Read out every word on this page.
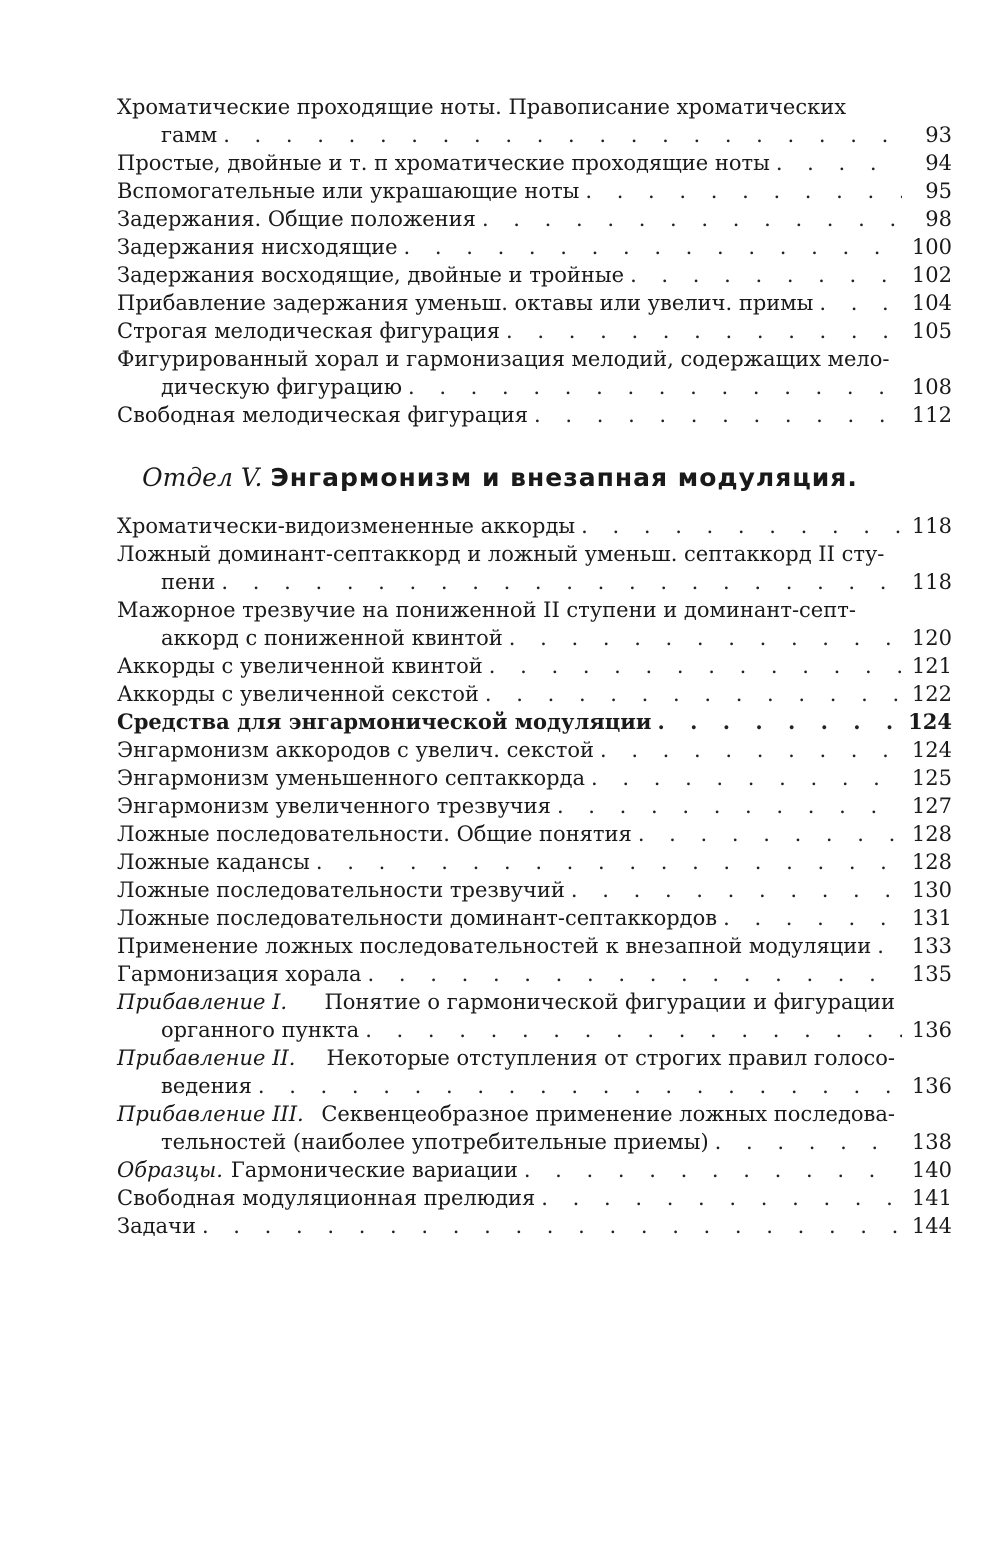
Хроматические проходящие ноты. Правописание хроматических
гамм . . .	93
Простые, двойные и т. п хроматические проходящие ноты . . .	94
Вспомогательные или украшающие ноты . . .	95
Задержания. Общие положения . . .	98
Задержания нисходящие . . .	100
Задержания восходящие, двойные и тройные . . .	102
Прибавление задержания уменьш. октавы или увелич. примы . . .	104
Строгая мелодическая фигурация . . .	105
Фигурированный хорал и гармонизация мелодий, содержащих мело-
дическую фигурацию . . .	108
Свободная мелодическая фигурация . . .	112
Отдел V. Энгармонизм и внезапная модуляция.
Хроматически-видоизмененные аккорды . . .	118
Ложный доминант-септаккорд и ложный уменьш. септаккорд II сту-
пени . . .	118
Мажорное трезвучие на пониженной II ступени и доминант-септ-
аккорд с пониженной квинтой . . .	120
Аккорды с увеличенной квинтой . . .	121
Аккорды с увеличенной секстой . . .	122
Средства для энгармонической модуляции . . .	124
Энгармонизм аккородов с увелич. секстой . . .	124
Энгармонизм уменьшенного септаккорда . . .	125
Энгармонизм увеличенного трезвучия . . .	127
Ложные последовательности. Общие понятия . . .	128
Ложные кадансы . . .	128
Ложные последовательности трезвучий . . .	130
Ложные последовательности доминант-септаккордов . . .	131
Применение ложных последовательностей к внезапной модуляции . . . 133
Гармонизация хорала . . .	135
Прибавление I. Понятие о гармонической фигурации и фигурации
органного пункта . . .	136
Прибавление II. Некоторые отступления от строгих правил голосо-
ведения . . .	136
Прибавление III. Секвенцеобразное применение ложных последова-
тельностей (наиболее употребительные приемы) . . .	138
Образцы. Гармонические вариации . . .	140
Свободная модуляционная прелюдия . . .	141
Задачи . . .	144
